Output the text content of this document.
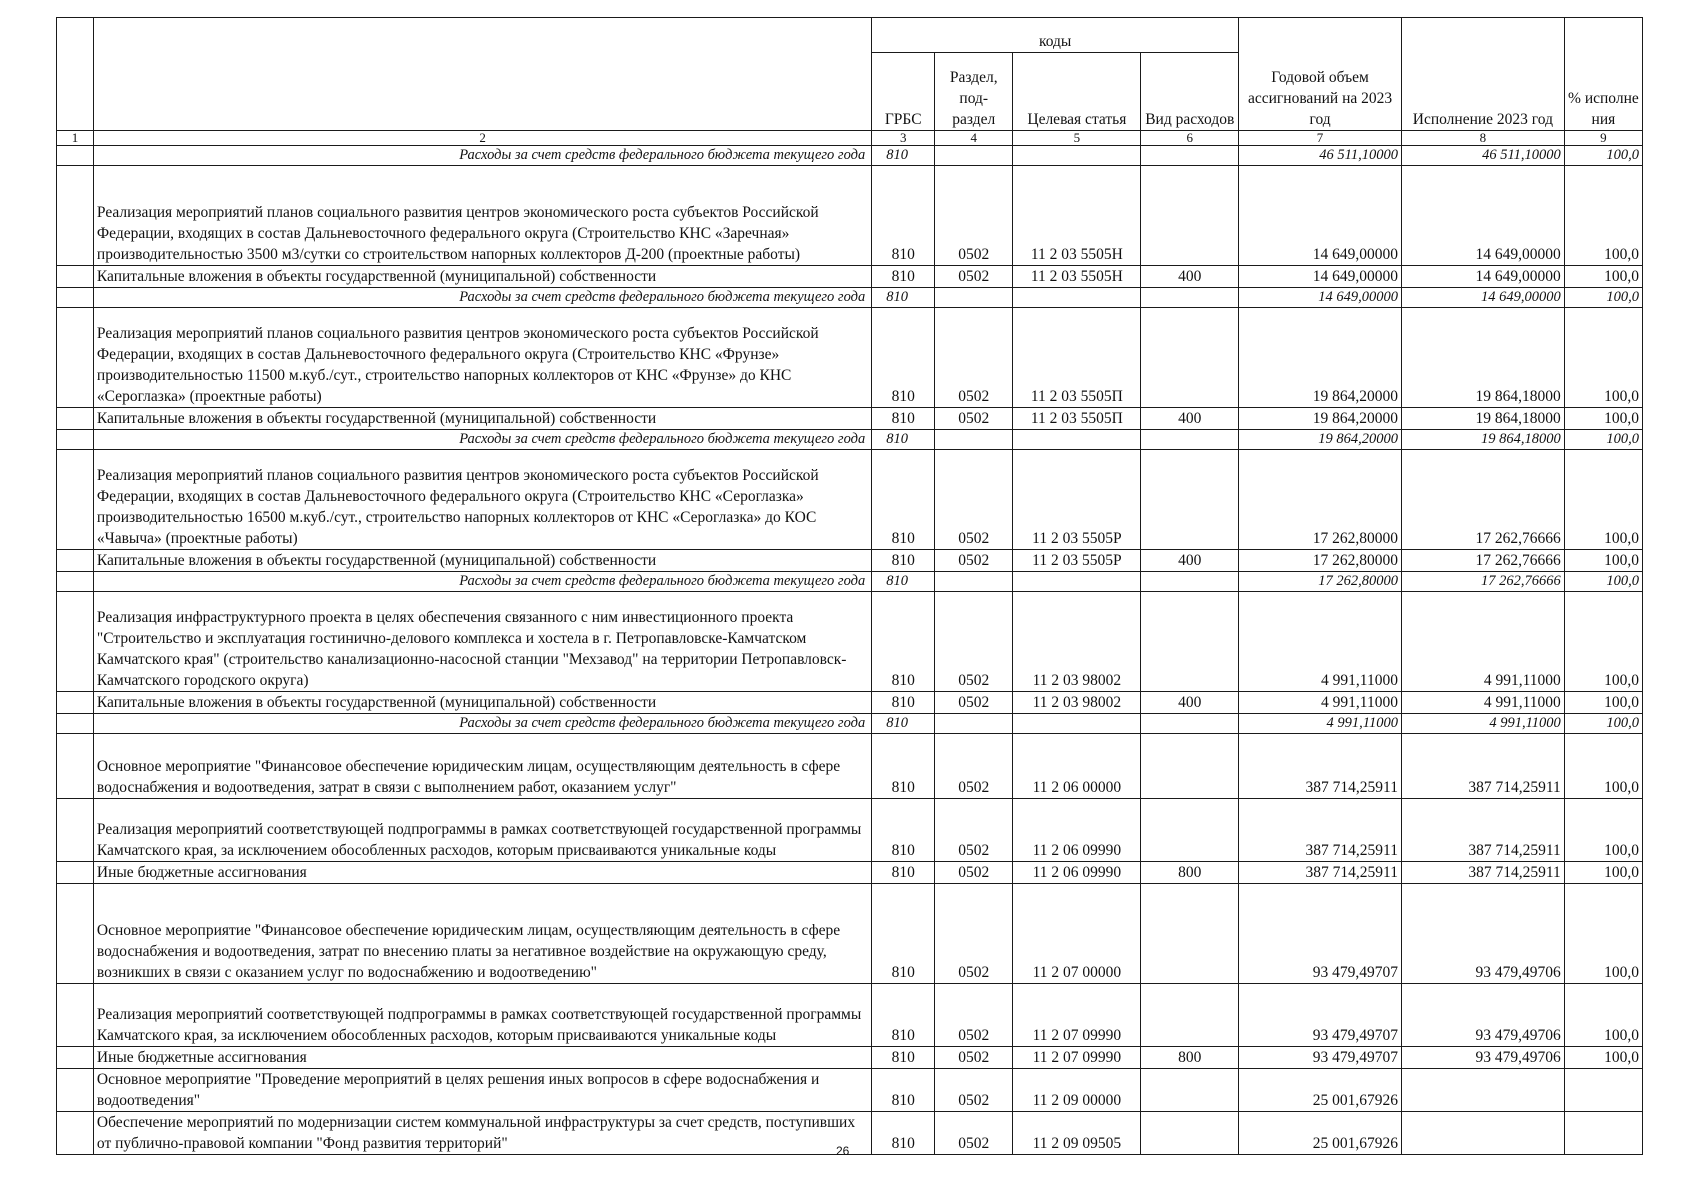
		коды				Годовой объем ассигнований на 2023 год	Исполнение 2023 год	% исполне ния
		ГРБС	Раздел, под-раздел	Целевая статья	Вид расходов			
1	2	3	4	5	6	7	8	9
	Расходы за счет средств федерального бюджета текущего года	810				46 511,10000	46 511,10000	100,0
	Реализация мероприятий планов социального развития центров экономического роста субъектов Российской Федерации, входящих в состав Дальневосточного федерального округа (Строительство КНС «Заречная» производительностью 3500 м3/сутки со строительством напорных коллекторов Д-200 (проектные работы)	810	0502	11 2 03 5505Н		14 649,00000	14 649,00000	100,0
	Капитальные вложения в объекты государственной (муниципальной) собственности	810	0502	11 2 03 5505Н	400	14 649,00000	14 649,00000	100,0
	Расходы за счет средств федерального бюджета текущего года	810				14 649,00000	14 649,00000	100,0
	Реализация мероприятий планов социального развития центров экономического роста субъектов Российской Федерации, входящих в состав Дальневосточного федерального округа (Строительство КНС «Фрунзе» производительностью 11500 м.куб./сут., строительство напорных коллекторов от КНС «Фрунзе» до КНС «Сероглазка» (проектные работы)	810	0502	11 2 03 5505П		19 864,20000	19 864,18000	100,0
	Капитальные вложения в объекты государственной (муниципальной) собственности	810	0502	11 2 03 5505П	400	19 864,20000	19 864,18000	100,0
	Расходы за счет средств федерального бюджета текущего года	810				19 864,20000	19 864,18000	100,0
	Реализация мероприятий планов социального развития центров экономического роста субъектов Российской Федерации, входящих в состав Дальневосточного федерального округа (Строительство КНС «Сероглазка» производительностью 16500 м.куб./сут., строительство напорных коллекторов от КНС «Сероглазка» до КОС «Чавыча» (проектные работы)	810	0502	11 2 03 5505Р		17 262,80000	17 262,76666	100,0
	Капитальные вложения в объекты государственной (муниципальной) собственности	810	0502	11 2 03 5505Р	400	17 262,80000	17 262,76666	100,0
	Расходы за счет средств федерального бюджета текущего года	810				17 262,80000	17 262,76666	100,0
	Реализация инфраструктурного проекта в целях обеспечения связанного с ним инвестиционного проекта "Строительство и эксплуатация гостинично-делового комплекса и хостела в г. Петропавловске-Камчатском Камчатского края" (строительство канализационно-насосной станции "Мехзавод" на территории Петропавловск-Камчатского городского округа)	810	0502	11 2 03 98002		4 991,11000	4 991,11000	100,0
	Капитальные вложения в объекты государственной (муниципальной) собственности	810	0502	11 2 03 98002	400	4 991,11000	4 991,11000	100,0
	Расходы за счет средств федерального бюджета текущего года	810				4 991,11000	4 991,11000	100,0
	Основное мероприятие "Финансовое обеспечение юридическим лицам, осуществляющим деятельность в сфере водоснабжения и водоотведения, затрат в связи с выполнением работ, оказанием услуг"	810	0502	11 2 06 00000		387 714,25911	387 714,25911	100,0
	Реализация мероприятий соответствующей подпрограммы в рамках соответствующей государственной программы Камчатского края, за исключением обособленных расходов, которым присваиваются уникальные коды	810	0502	11 2 06 09990		387 714,25911	387 714,25911	100,0
	Иные бюджетные ассигнования	810	0502	11 2 06 09990	800	387 714,25911	387 714,25911	100,0
	Основное мероприятие "Финансовое обеспечение юридическим лицам, осуществляющим деятельность в сфере водоснабжения и водоотведения, затрат по внесению платы за негативное воздействие на окружающую среду, возникших в связи с оказанием услуг по водоснабжению и водоотведению"	810	0502	11 2 07 00000		93 479,49707	93 479,49706	100,0
	Реализация мероприятий соответствующей подпрограммы в рамках соответствующей государственной программы Камчатского края, за исключением обособленных расходов, которым присваиваются уникальные коды	810	0502	11 2 07 09990		93 479,49707	93 479,49706	100,0
	Иные бюджетные ассигнования	810	0502	11 2 07 09990	800	93 479,49707	93 479,49706	100,0
	Основное мероприятие "Проведение мероприятий в целях решения иных вопросов в сфере водоснабжения и водоотведения"	810	0502	11 2 09 00000		25 001,67926		
	Обеспечение мероприятий по модернизации систем коммунальной инфраструктуры за счет средств, поступивших от публично-правовой компании "Фонд развития территорий"	810	0502	11 2 09 09505		25 001,67926		
26
